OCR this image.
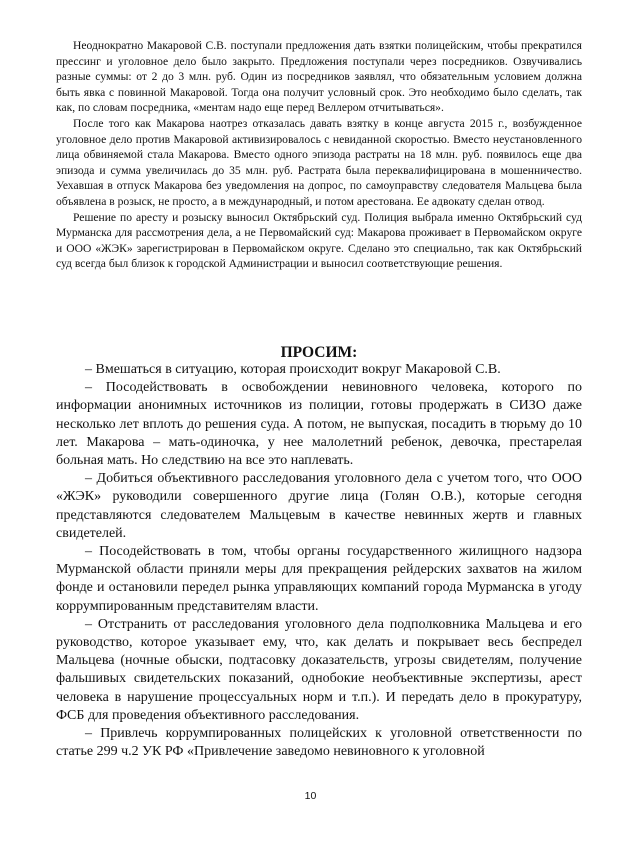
Неоднократно Макаровой С.В. поступали предложения дать взятки полицейским, чтобы прекратился прессинг и уголовное дело было закрыто. Предложения поступали через посредников. Озвучивались разные суммы: от 2 до 3 млн. руб. Один из посредников заявлял, что обязательным условием должна быть явка с повинной Макаровой. Тогда она получит условный срок. Это необходимо было сделать, так как, по словам посредника, «ментам надо еще перед Веллером отчитываться».

После того как Макарова наотрез отказалась давать взятку в конце августа 2015 г., возбужденное уголовное дело против Макаровой активизировалось с невиданной скоростью. Вместо неустановленного лица обвиняемой стала Макарова. Вместо одного эпизода растраты на 18 млн. руб. появилось еще два эпизода и сумма увеличилась до 35 млн. руб. Растрата была переквалифицирована в мошенничество. Уехавшая в отпуск Макарова без уведомления на допрос, по самоуправству следователя Мальцева была объявлена в розыск, не просто, а в международный, и потом арестована. Ее адвокату сделан отвод.

Решение по аресту и розыску выносил Октябрьский суд. Полиция выбрала именно Октябрьский суд Мурманска для рассмотрения дела, а не Первомайский суд: Макарова проживает в Первомайском округе и ООО «ЖЭК» зарегистрирован в Первомайском округе. Сделано это специально, так как Октябрьский суд всегда был близок к городской Администрации и выносил соответствующие решения.

ПРОСИМ:

– Вмешаться в ситуацию, которая происходит вокруг Макаровой С.В.

– Посодействовать в освобождении невиновного человека, которого по информации анонимных источников из полиции, готовы продержать в СИЗО даже несколько лет вплоть до решения суда. А потом, не выпуская, посадить в тюрьму до 10 лет. Макарова – мать-одиночка, у нее малолетний ребенок, девочка, престарелая больная мать. Но следствию на все это наплевать.

– Добиться объективного расследования уголовного дела с учетом того, что ООО «ЖЭК» руководили совершенного другие лица (Голян О.В.), которые сегодня представляются следователем Мальцевым в качестве невинных жертв и главных свидетелей.

– Посодействовать в том, чтобы органы государственного жилищного надзора Мурманской области приняли меры для прекращения рейдерских захватов на жилом фонде и остановили передел рынка управляющих компаний города Мурманска в угоду коррумпированным представителям власти.

– Отстранить от расследования уголовного дела подполковника Мальцева и его руководство, которое указывает ему, что, как делать и покрывает весь беспредел Мальцева (ночные обыски, подтасовку доказательств, угрозы свидетелям, получение фальшивых свидетельских показаний, однобокие необъективные экспертизы, арест человека в нарушение процессуальных норм и т.п.). И передать дело в прокуратуру, ФСБ для проведения объективного расследования.

– Привлечь коррумпированных полицейских к уголовной ответственности по статье 299 ч.2 УК РФ «Привлечение заведомо невиновного к уголовной

10
